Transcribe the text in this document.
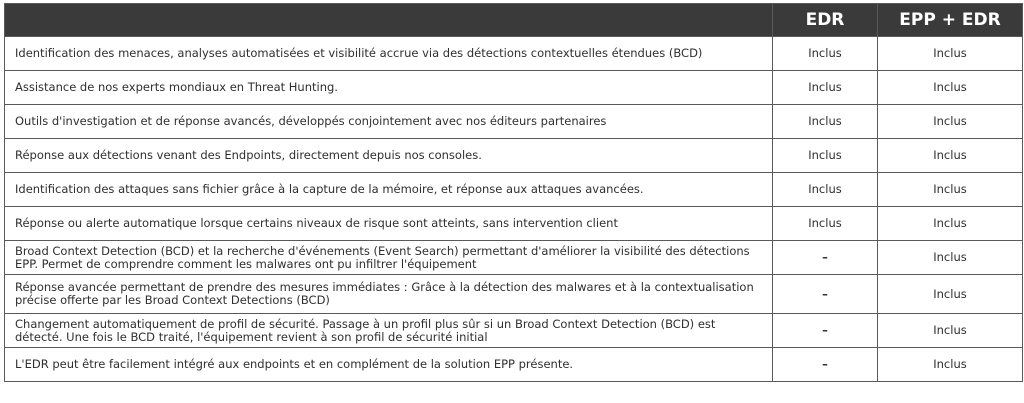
	EDR	EPP + EDR
Identification des menaces, analyses automatisées et visibilité accrue via des détections contextuelles étendues (BCD)	Inclus	Inclus
Assistance de nos experts mondiaux en Threat Hunting.	Inclus	Inclus
Outils d'investigation et de réponse avancés, développés conjointement avec nos éditeurs partenaires	Inclus	Inclus
Réponse aux détections venant des Endpoints, directement depuis nos consoles.	Inclus	Inclus
Identification des attaques sans fichier grâce à la capture de la mémoire, et réponse aux attaques avancées.	Inclus	Inclus
Réponse ou alerte automatique lorsque certains niveaux de risque sont atteints, sans intervention client	Inclus	Inclus
Broad Context Detection (BCD) et la recherche d'événements (Event Search) permettant d'améliorer la visibilité des détections EPP. Permet de comprendre comment les malwares ont pu infiltrer l'équipement	–	Inclus
Réponse avancée permettant de prendre des mesures immédiates : Grâce à la détection des malwares et à la contextualisation précise offerte par les Broad Context Detections (BCD)	–	Inclus
Changement automatiquement de profil de sécurité. Passage à un profil plus sûr si un Broad Context Detection (BCD) est détecté. Une fois le BCD traité, l'équipement revient à son profil de sécurité initial	–	Inclus
L'EDR peut être facilement intégré aux endpoints et en complément de la solution EPP présente.	–	Inclus
